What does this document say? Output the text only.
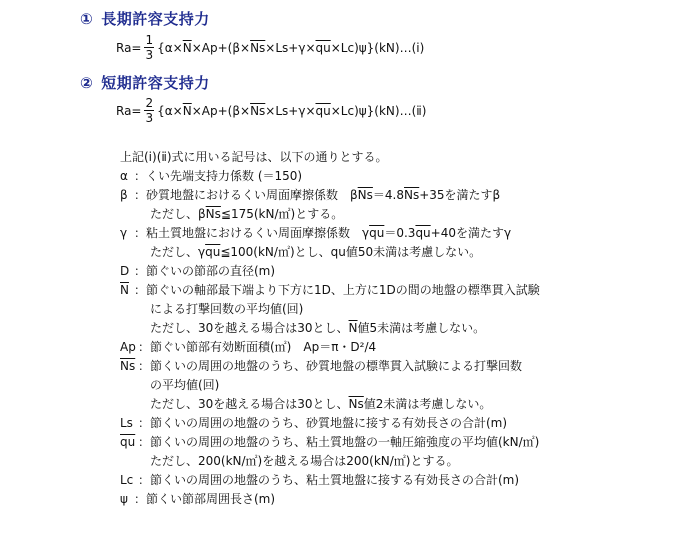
① 長期許容支持力
$Ra= \frac{1}{3} \{\alpha\times \overline{N} \times Ap+(\beta\times \overline{Ns} \times Ls+\gamma\times \overline{qu}$ ×Lc)ψ}(kN)…(ⅰ)
② 短期許容支持力
$Ra= \frac{2}{3} \{\alpha\times \overline{N} \times Ap+(\beta\times \overline{Ns} \times Ls+\gamma\times \overline{qu}$ ×Lc)ψ}(kN)…(ⅱ)
上記(ⅰ)(ⅱ)式に用いる記号は、以下の通りとする。
α ：くい先端支持力係数 (＝150)
β ：砂質地盤におけるくい周面摩擦係数　$\beta\overline{Ns}=4.8\overline{Ns}+35$を満たすβ
ただし、$\beta\overline{Ns}≦175(kN/㎡)$とする。
γ ：粘土質地盤におけるくい周面摩擦係数　$\gamma\overline{qu}=0.3\overline{qu}+40$を満たすγ
ただし、$\gamma\overline{qu}≦100(kN/㎡)$とし、qu値50未満は考慮しない。
D ：節ぐいの節部の直径(m)
$\overline{N}$ ：節ぐいの軸部最下端より下方に1D、上方に1Dの間の地盤の標準貫入試験
による打撃回数の平均値(回)
ただし、30を越える場合は30とし、$\overline{N}$値5未満は考慮しない。
Ap ：節ぐい節部有効断面積(㎡)　Ap＝π・D²/4
$\overline{Ns}$ ：節くいの周囲の地盤のうち、砂質地盤の標準貫入試験による打撃回数
の平均値(回)
ただし、30を越える場合は30とし、$\overline{Ns}$値2未満は考慮しない。
Ls ：節くいの周囲の地盤のうち、砂質地盤に接する有効長さの合計(m)
$\overline{qu}$ ：節くいの周囲の地盤のうち、粘土質地盤の一軸圧縮強度の平均値(kN/㎡)
ただし、200(kN/㎡)を越える場合は200(kN/㎡)とする。
Lc ：節くいの周囲の地盤のうち、粘土質地盤に接する有効長さの合計(m)
ψ ：節くい節部周囲長さ(m)
